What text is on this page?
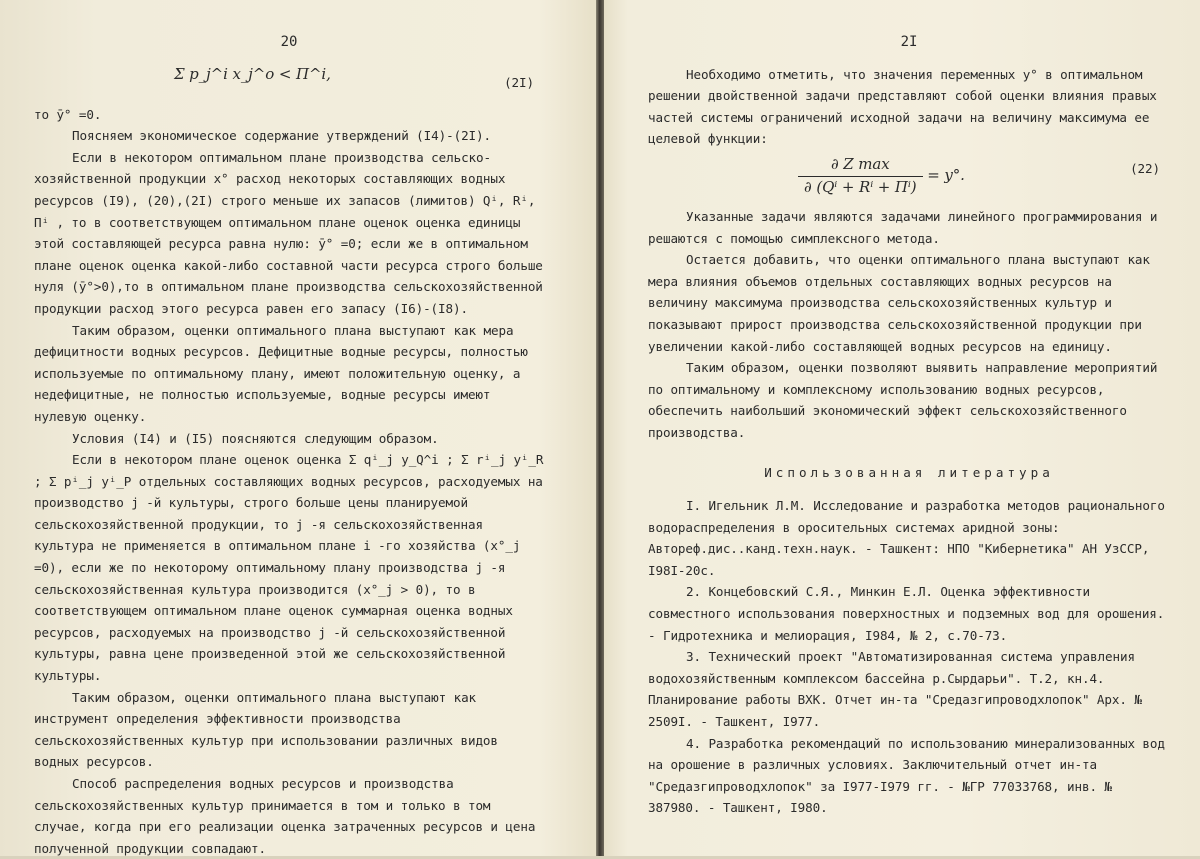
20
Σ p_j^i x_j^o < Π^i,	(2I)

то ȳ° =0.

Поясняем экономическое содержание утверждений (I4)-(2I).

Если в некотором оптимальном плане производства сельско-хозяйственной продукции x° расход некоторых составляющих водных ресурсов (I9), (20),(2I) строго меньше их запасов (лимитов) Qⁱ, Rⁱ, Πⁱ , то в соответствующем оптимальном плане оценок оценка единицы этой составляющей ресурса равна нулю: ȳ° =0; если же в оптимальном плане оценок оценка какой-либо составной части ресурса строго больше нуля (ȳ°>0),то в оптимальном плане производства сельскохозяйственной продукции расход этого ресурса равен его запасу (I6)-(I8).

Таким образом, оценки оптимального плана выступают как мера дефицитности водных ресурсов. Дефицитные водные ресурсы, полностью используемые по оптимальному плану, имеют положительную оценку, а недефицитные, не полностью используемые, водные ресурсы имеют нулевую оценку.

Условия (I4) и (I5) поясняются следующим образом.

Если в некотором плане оценок оценка Σ qⁱ_j y_Q^i ; Σ rⁱ_j yⁱ_R ; Σ pⁱ_j yⁱ_P отдельных составляющих водных ресурсов, расходуемых на производство j -й культуры, строго больше цены планируемой сельскохозяйственной продукции, то j -я сельскохозяйственная культура не применяется в оптимальном плане i -го хозяйства (x°_j =0), если же по некоторому оптимальному плану производства j -я сельскохозяйственная культура производится (x°_j > 0), то в соответствующем оптимальном плане оценок суммарная оценка водных ресурсов, расходуемых на производство j -й сельскохозяйственной культуры, равна цене произведенной этой же сельскохозяйственной культуры.

Таким образом, оценки оптимального плана выступают как инструмент определения эффективности производства сельскохозяйственных культур при использовании различных видов водных ресурсов.

Способ распределения водных ресурсов и производства сельскохозяйственных культур принимается в том и только в том случае, когда при его реализации оценка затраченных ресурсов и цена полученной продукции совпадают.

2I

Необходимо отметить, что значения переменных y° в оптимальном решении двойственной задачи представляют собой оценки влияния правых частей системы ограничений исходной задачи на величину максимума ее целевой функции:

$\frac{\text{∂ Z max}}{\text{∂ (Qⁱ + Rⁱ + Πⁱ)}} = y^\circ$.	(22)

Указанные задачи являются задачами линейного программирования и решаются с помощью симплексного метода.

Остается добавить, что оценки оптимального плана выступают как мера влияния объемов отдельных составляющих водных ресурсов на величину максимума производства сельскохозяйственных культур и показывают прирост производства сельскохозяйственной продукции при увеличении какой-либо составляющей водных ресурсов на единицу.

Таким образом, оценки позволяют выявить направление мероприятий по оптимальному и комплексному использованию водных ресурсов, обеспечить наибольший экономический эффект сельскохозяйственного производства.

Использованная литература

I. Игельник Л.М. Исследование и разработка методов рационального водораспределения в оросительных системах аридной зоны: Автореф.дис..канд.техн.наук. - Ташкент: НПО "Кибернетика" АН УзССР, I98I-20с.

2. Концебовский С.Я., Минкин Е.Л. Оценка эффективности совместного использования поверхностных и подземных вод для орошения. - Гидротехника и мелиорация, I984, № 2, с.70-73.

3. Технический проект "Автоматизированная система управления водохозяйственным комплексом бассейна р.Сырдарьи". Т.2, кн.4. Планирование работы ВХК. Отчет ин-та "Средазгипроводхлопок" Арх. № 2509I. - Ташкент, I977.

4. Разработка рекомендаций по использованию минерализованных вод на орошение в различных условиях. Заключительный отчет ин-та "Средазгипроводхлопок" за I977-I979 гг. - №ГР 77033768, инв. № 387980. - Ташкент, I980.
